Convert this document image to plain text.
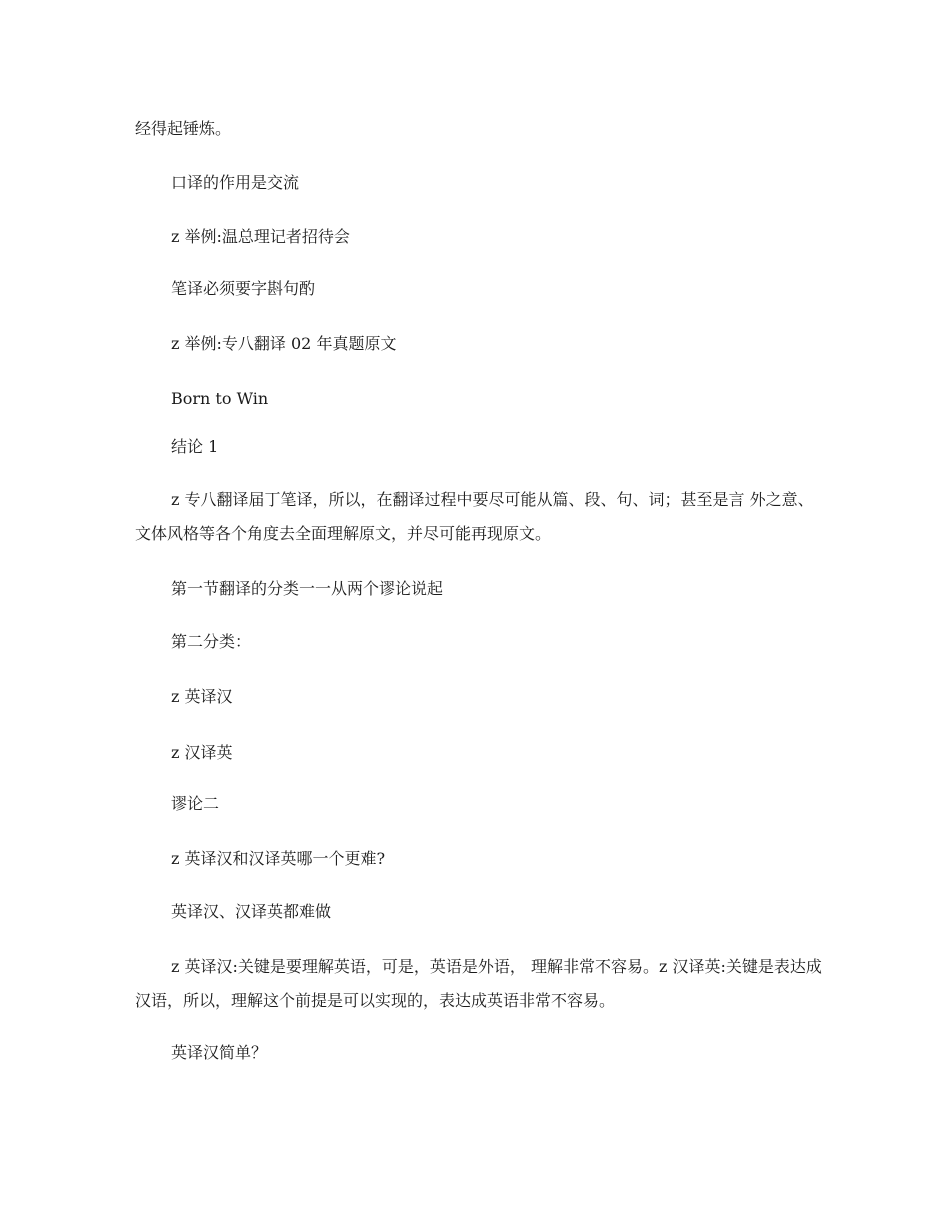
经得起锤炼。

口译的作用是交流

z 举例:温总理记者招待会

笔译必须要字斟句酌

z 举例:专八翻译 02 年真题原文

Born to Win

结论 1

z 专八翻译届丁笔译，所以，在翻译过程中要尽可能从篇、段、句、词；甚至是言 外之意、文体风格等各个角度去全面理解原文，并尽可能再现原文。

第一节翻译的分类一一从两个谬论说起

第二分类：

z 英译汉

z 汉译英

谬论二

z 英译汉和汉译英哪一个更难?

英译汉、汉译英都难做

z 英译汉:关键是要理解英语，可是，英语是外语， 理解非常不容易。z 汉译英:关键是表达成汉语，所以，理解这个前提是可以实现的，表达成英语非常不容易。

英译汉简单？
